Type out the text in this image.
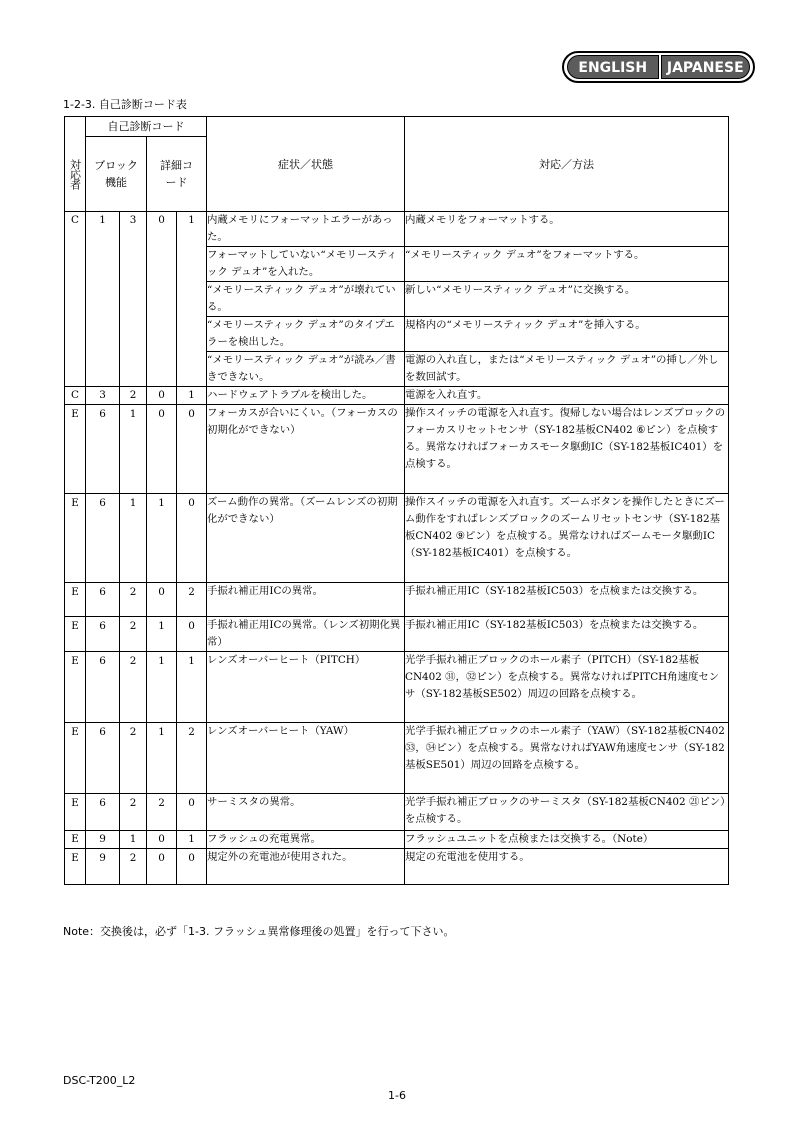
ENGLISH	JAPANESE
1-2-3. 自己診断コード表
	自己診断コード				症状／状態	対応／方法

対応者	ブロック機能		詳細コード			

C	1	3	0	1	内蔵メモリにフォーマットエラーがあった。	内蔵メモリをフォーマットする。
					フォーマットしていない“メモリースティック デュオ”を入れた。	“メモリースティック デュオ”をフォーマットする。
					“メモリースティック デュオ”が壊れている。	新しい“メモリースティック デュオ”に交換する。
					“メモリースティック デュオ”のタイプエラーを検出した。	規格内の“メモリースティック デュオ”を挿入する。
					“メモリースティック デュオ”が読み／書きできない。	電源の入れ直し，または“メモリースティック デュオ”の挿し／外しを数回試す。
C	3	2	0	1	ハードウェアトラブルを検出した。	電源を入れ直す。
E	6	1	0	0	フォーカスが合いにくい。（フォーカスの初期化ができない）	操作スイッチの電源を入れ直す。復帰しない場合はレンズブロックのフォーカスリセットセンサ（SY-182基板CN402 ⑥ピン）を点検する。異常なければフォーカスモータ駆動IC（SY-182基板IC401）を点検する。
E	6	1	1	0	ズーム動作の異常。（ズームレンズの初期化ができない）	操作スイッチの電源を入れ直す。ズームボタンを操作したときにズーム動作をすればレンズブロックのズームリセットセンサ（SY-182基板CN402 ⑨ピン）を点検する。異常なければズームモータ駆動IC（SY-182基板IC401）を点検する。
E	6	2	0	2	手振れ補正用ICの異常。	手振れ補正用IC（SY-182基板IC503）を点検または交換する。
E	6	2	1	0	手振れ補正用ICの異常。（レンズ初期化異常）	手振れ補正用IC（SY-182基板IC503）を点検または交換する。
E	6	2	1	1	レンズオーバーヒート（PITCH）	光学手振れ補正ブロックのホール素子（PITCH）（SY-182基板CN402 ㉛，㉜ピン）を点検する。異常なければPITCH角速度センサ（SY-182基板SE502）周辺の回路を点検する。
E	6	2	1	2	レンズオーバーヒート（YAW）	光学手振れ補正ブロックのホール素子（YAW）（SY-182基板CN402 ㉝，㉞ピン）を点検する。異常なければYAW角速度センサ（SY-182基板SE501）周辺の回路を点検する。
E	6	2	2	0	サーミスタの異常。	光学手振れ補正ブロックのサーミスタ（SY-182基板CN402 ㉑ピン）を点検する。
E	9	1	0	1	フラッシュの充電異常。	フラッシュユニットを点検または交換する。（Note）
E	9	2	0	0	規定外の充電池が使用された。	規定の充電池を使用する。
Note：交換後は，必ず「1-3. フラッシュ異常修理後の処置」を行って下さい。
DSC-T200_L2
1-6
